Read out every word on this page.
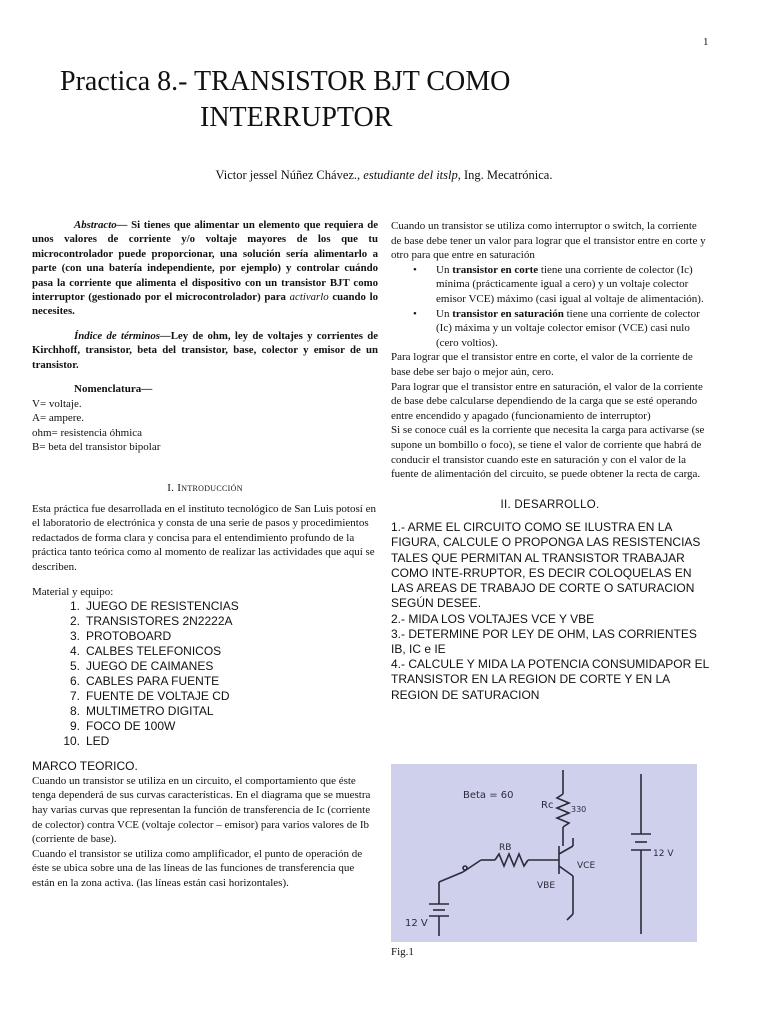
1
Practica 8.- TRANSISTOR BJT COMO
INTERRUPTOR
Victor jessel Núñez Chávez., estudiante del itslp, Ing. Mecatrónica.

Abstracto— Si tienes que alimentar un elemento que requiera de unos valores de corriente y/o voltaje mayores de los que tu microcontrolador puede proporcionar, una solución sería alimentarlo a parte (con una batería independiente, por ejemplo) y controlar cuándo pasa la corriente que alimenta el dispositivo con un transistor BJT como interruptor (gestionado por el microcontrolador) para activarlo cuando lo necesites.

Índice de términos—Ley de ohm, ley de voltajes y corrientes de Kirchhoff, transistor, beta del transistor, base, colector y emisor de un transistor.

Nomenclatura—

V= voltaje.

A= ampere.

ohm= resistencia óhmica

B= beta del transistor bipolar

I. Introducción

Esta práctica fue desarrollada en el instituto tecnológico de San Luis potosí en el laboratorio de electrónica y consta de una serie de pasos y procedimientos redactados de forma clara y concisa para el entendimiento profundo de la práctica tanto teórica como al momento de realizar las actividades que aquí se describen.

Material y equipo:

1. JUEGO DE RESISTENCIAS
2. TRANSISTORES 2N2222A
3. PROTOBOARD
4. CALBES TELEFONICOS
5. JUEGO DE CAIMANES
6. CABLES PARA FUENTE
7. FUENTE DE VOLTAJE CD
8. MULTIMETRO DIGITAL
9. FOCO DE 100W
10. LED

MARCO TEORICO.

Cuando un transistor se utiliza en un circuito, el comportamiento que éste tenga dependerá de sus curvas características. En el diagrama que se muestra hay varias curvas que representan la función de transferencia de Ic (corriente de colector) contra VCE (voltaje colector – emisor) para varios valores de Ib (corriente de base).

Cuando el transistor se utiliza como amplificador, el punto de operación de éste se ubica sobre una de las líneas de las funciones de transferencia que están en la zona activa. (las líneas están casi horizontales).

Cuando un transistor se utiliza como interruptor o switch, la corriente de base debe tener un valor para lograr que el transistor entre en corte y otro para que entre en saturación

• Un transistor en corte tiene una corriente de colector (Ic) mínima (prácticamente igual a cero) y un voltaje colector emisor VCE) máximo (casi igual al voltaje de alimentación).
• Un transistor en saturación tiene una corriente de colector (Ic) máxima y un voltaje colector emisor (VCE) casi nulo (cero voltios).

Para lograr que el transistor entre en corte, el valor de la corriente de base debe ser bajo o mejor aún, cero.

Para lograr que el transistor entre en saturación, el valor de la corriente de base debe calcularse dependiendo de la carga que se esté operando entre encendido y apagado (funcionamiento de interruptor)

Si se conoce cuál es la corriente que necesita la carga para activarse (se supone un bombillo o foco), se tiene el valor de corriente que habrá de conducir el transistor cuando este en saturación y con el valor de la fuente de alimentación del circuito, se puede obtener la recta de carga.

II. DESARROLLO.

1.- ARME EL CIRCUITO COMO SE ILUSTRA EN LA FIGURA, CALCULE O PROPONGA LAS RESISTENCIAS TALES QUE PERMITAN AL TRANSISTOR TRABAJAR COMO INTE-RRUPTOR, ES DECIR COLOQUELAS EN LAS AREAS DE TRABAJO DE CORTE O SATURACION SEGÚN DESEE.

2.- MIDA LOS VOLTAJES VCE Y VBE

3.- DETERMINE POR LEY DE OHM, LAS CORRIENTES IB, IC e IE

4.- CALCULE Y MIDA LA POTENCIA CONSUMIDAPOR EL TRANSISTOR EN LA REGION DE CORTE Y EN LA REGION DE SATURACION

Beta = 60
Rc 330
RB
VCE
VBE
12 V
12 V
Fig.1
